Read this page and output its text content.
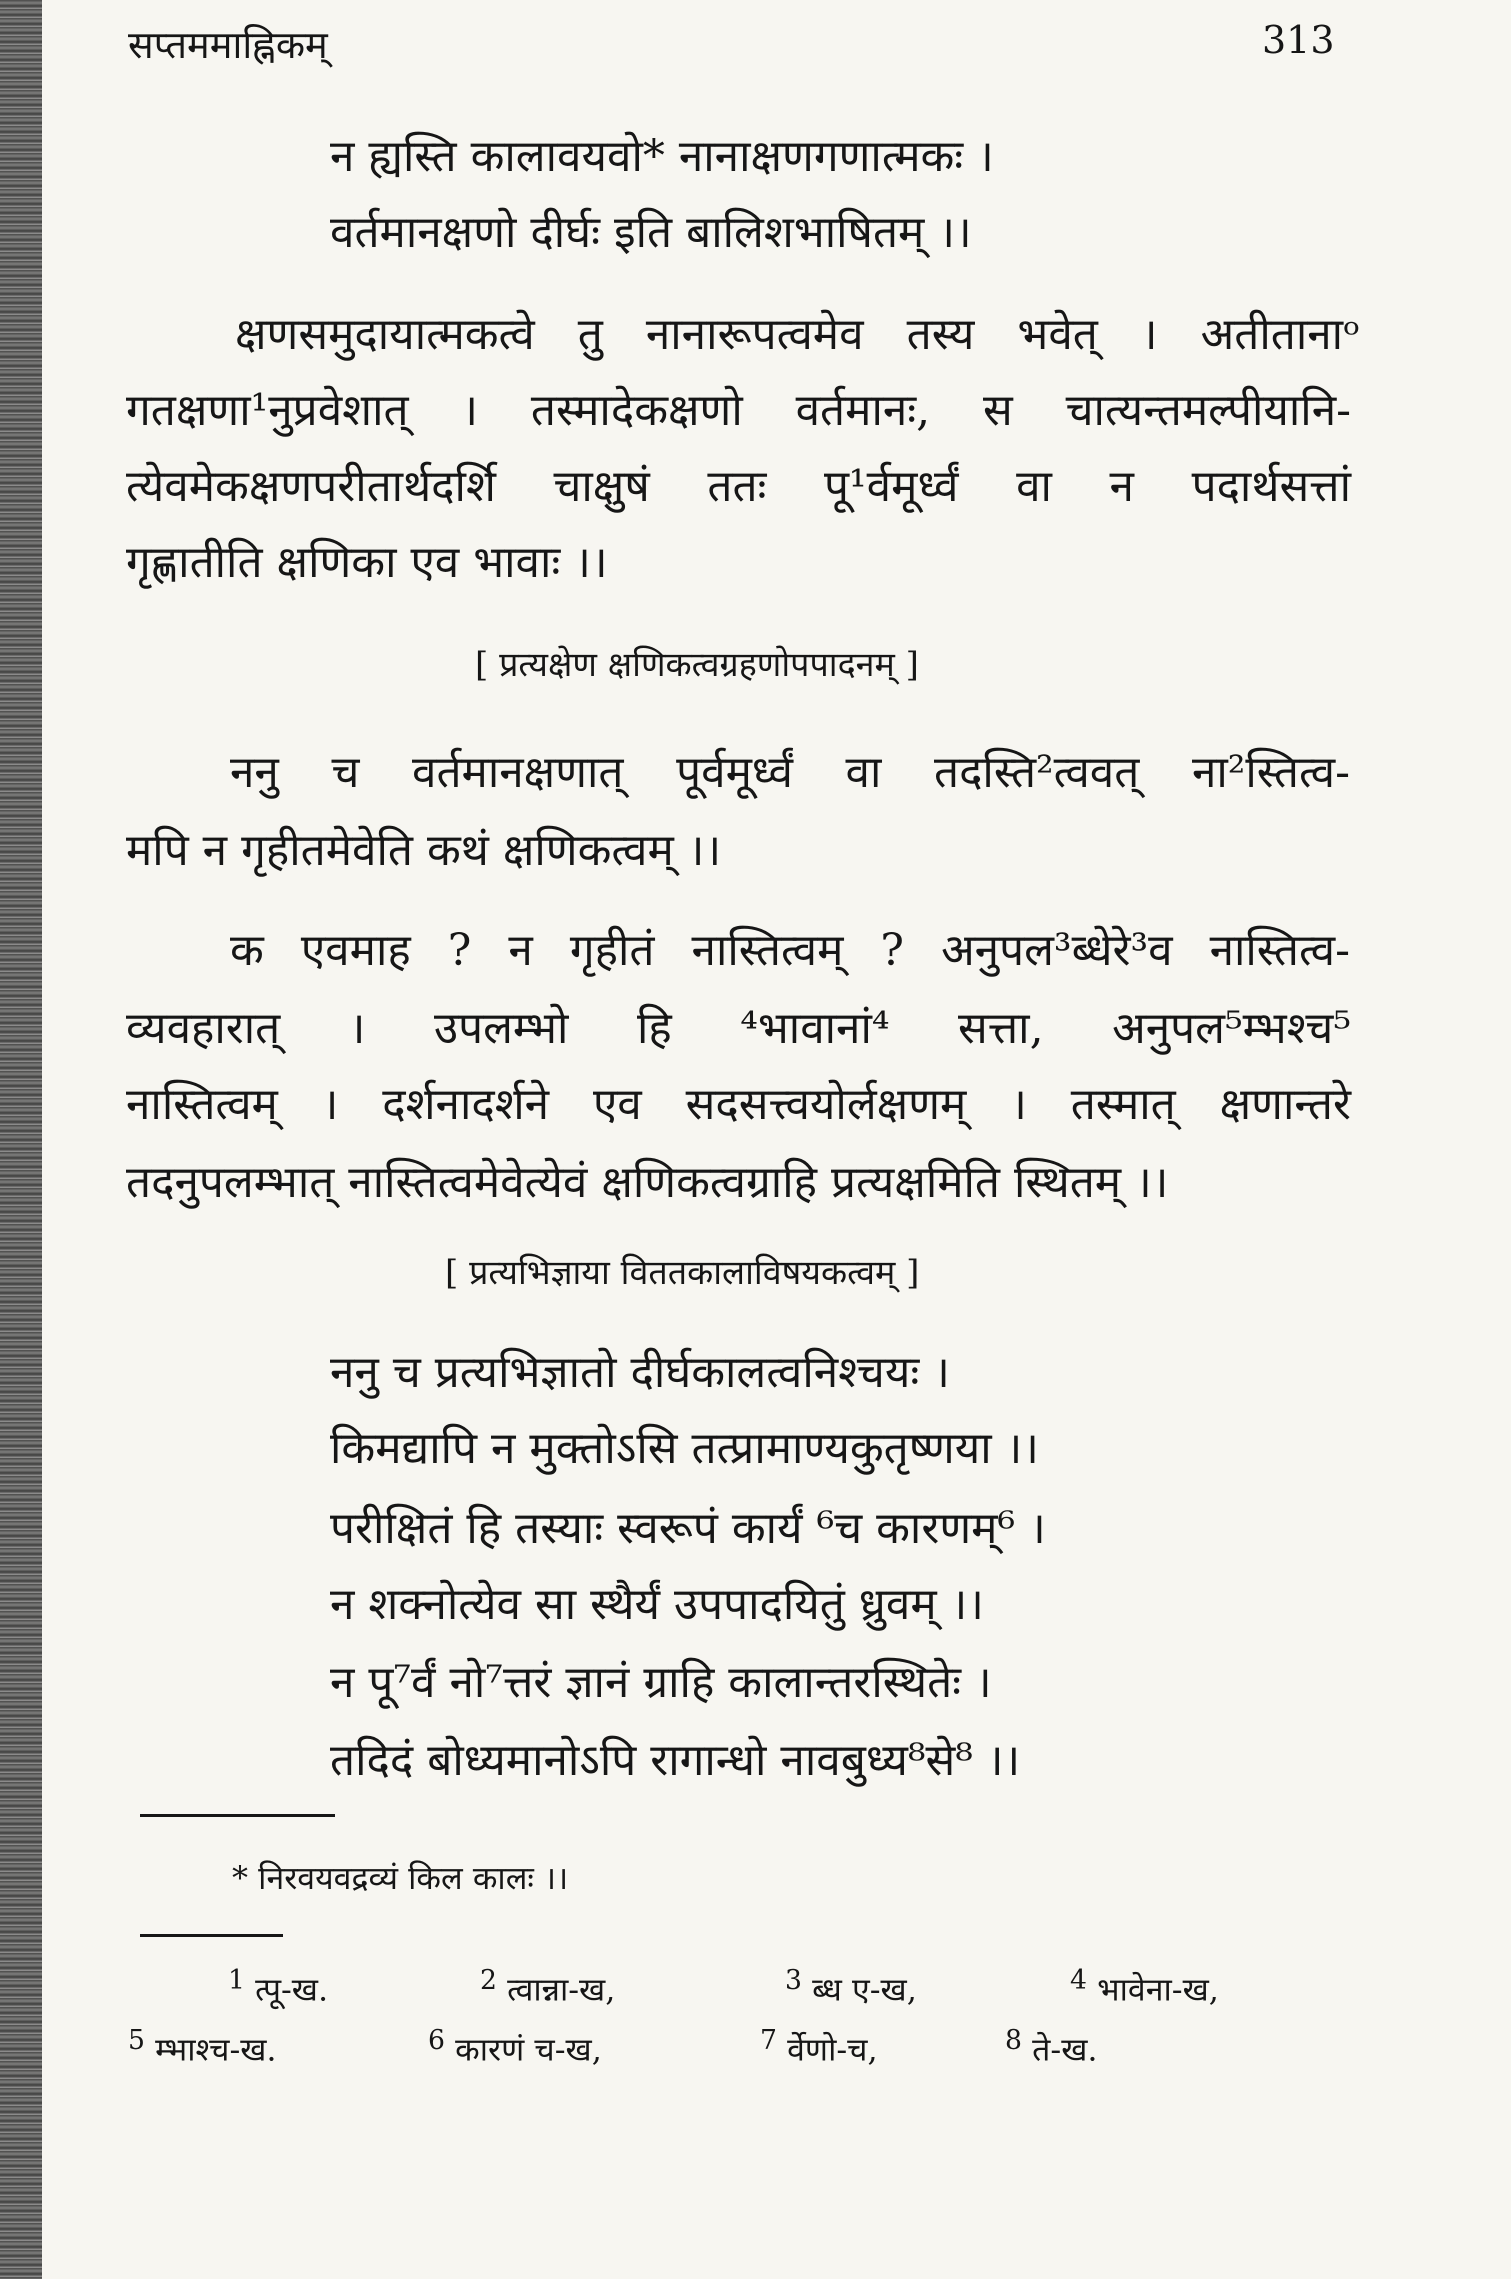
सप्तममाह्निकम्	313
न ह्यस्ति कालावयवो* नानाक्षणगणात्मकः ।
वर्तमानक्षणो दीर्घः इति बालिशभाषितम् ।।
क्षणसमुदायात्मकत्वे तु नानारूपत्वमेव तस्य भवेत् । अतीतानाᵒ
गतक्षणा¹नुप्रवेशात् । तस्मादेकक्षणो वर्तमानः, स चात्यन्तमल्पीयानि-
त्येवमेकक्षणपरीतार्थदर्शि चाक्षुषं ततः पू¹र्वमूर्ध्वं वा न पदार्थसत्तां
गृह्णातीति क्षणिका एव भावाः ।।
[ प्रत्यक्षेण क्षणिकत्वग्रहणोपपादनम् ]
ननु च वर्तमानक्षणात् पूर्वमूर्ध्वं वा तदस्ति²त्ववत् ना²स्तित्व-
मपि न गृहीतमेवेति कथं क्षणिकत्वम् ।।
क एवमाह ? न गृहीतं नास्तित्वम् ? अनुपल³ब्धेरे³व नास्तित्व-
व्यवहारात् । उपलम्भो हि ⁴भावानां⁴ सत्ता, अनुपल⁵म्भश्च⁵
नास्तित्वम् । दर्शनादर्शने एव सदसत्त्वयोर्लक्षणम् । तस्मात् क्षणान्तरे
तदनुपलम्भात् नास्तित्वमेवेत्येवं क्षणिकत्वग्राहि प्रत्यक्षमिति स्थितम् ।।
[ प्रत्यभिज्ञाया विततकालाविषयकत्वम् ]
ननु च प्रत्यभिज्ञातो दीर्घकालत्वनिश्चयः ।
किमद्यापि न मुक्तोऽसि तत्प्रामाण्यकुतृष्णया ।।
परीक्षितं हि तस्याः स्वरूपं कार्यं ⁶च कारणम्⁶ ।
न शक्नोत्येव सा स्थैर्यं उपपादयितुं ध्रुवम् ।।
न पू⁷र्वं नो⁷त्तरं ज्ञानं ग्राहि कालान्तरस्थितेः ।
तदिदं बोध्यमानोऽपि रागान्धो नावबुध्य⁸से⁸ ।।
* निरवयवद्रव्यं किल कालः ।।
$^1$ त्पू-ख.	$^2$ त्वान्ना-ख,	$^3$ ब्ध ए-ख,	$^4$ भावेना-ख,
$^5$ म्भाश्च-ख.	$^6$ कारणं च-ख,	$^7$ र्वेणो-च,	$^8$ ते-ख.
